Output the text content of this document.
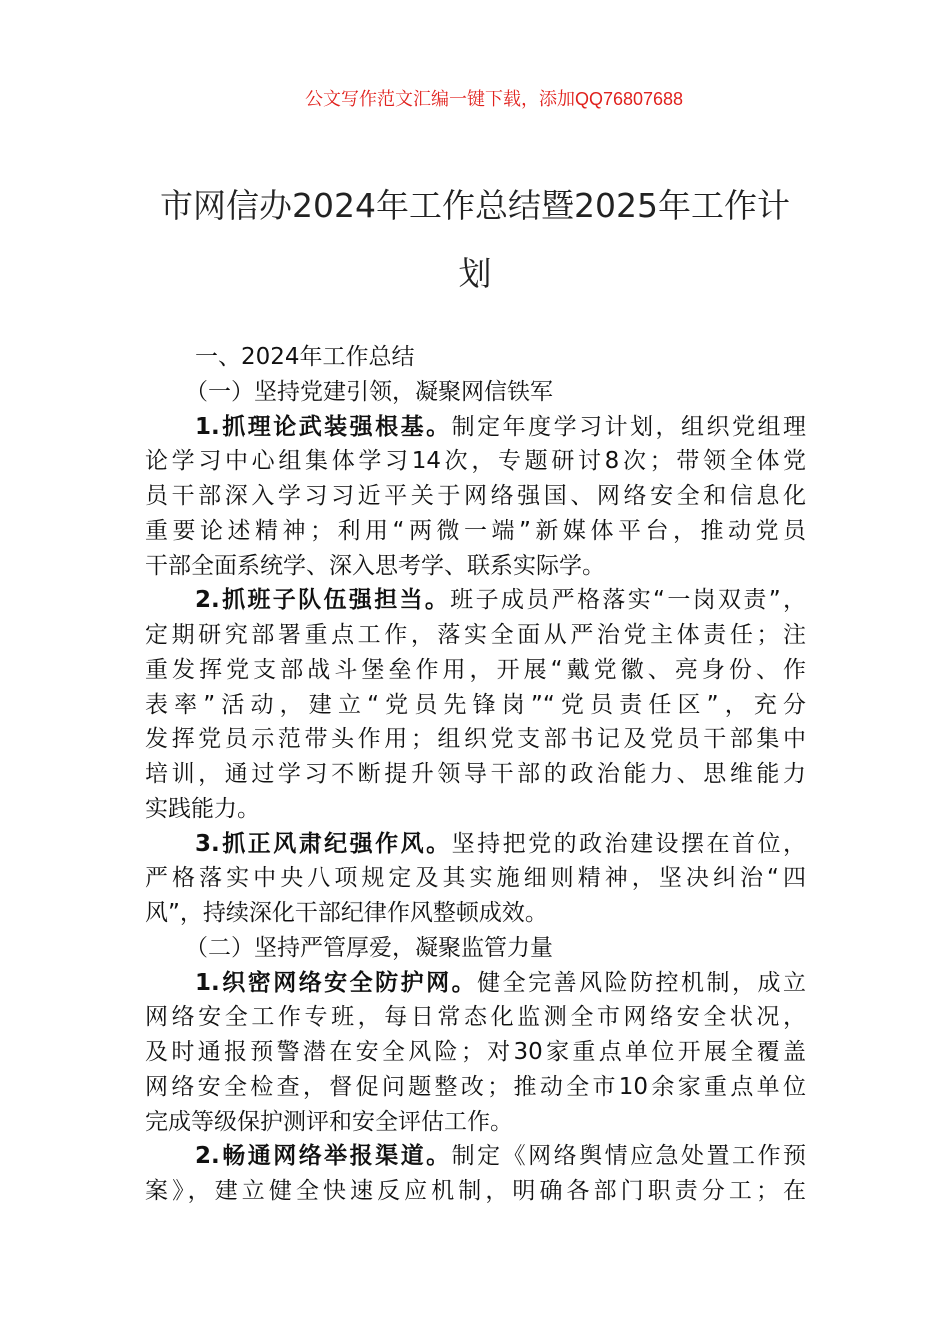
公文写作范文汇编一键下载，添加QQ76807688
市网信办2024年工作总结暨2025年工作计
划
一、2024年工作总结
（一）坚持党建引领，凝聚网信铁军
1.抓理论武装强根基。制定年度学习计划，组织党组理
论学习中心组集体学习14次，专题研讨8次；带领全体党
员干部深入学习习近平关于网络强国、网络安全和信息化
重要论述精神；利用“两微一端”新媒体平台，推动党员
干部全面系统学、深入思考学、联系实际学。
2.抓班子队伍强担当。班子成员严格落实“一岗双责”，
定期研究部署重点工作，落实全面从严治党主体责任；注
重发挥党支部战斗堡垒作用，开展“戴党徽、亮身份、作
表率”活动，建立“党员先锋岗”“党员责任区”，充分
发挥党员示范带头作用；组织党支部书记及党员干部集中
培训，通过学习不断提升领导干部的政治能力、思维能力
实践能力。
3.抓正风肃纪强作风。坚持把党的政治建设摆在首位，
严格落实中央八项规定及其实施细则精神，坚决纠治“四
风”，持续深化干部纪律作风整顿成效。
（二）坚持严管厚爱，凝聚监管力量
1.织密网络安全防护网。健全完善风险防控机制，成立
网络安全工作专班，每日常态化监测全市网络安全状况，
及时通报预警潜在安全风险；对30家重点单位开展全覆盖
网络安全检查，督促问题整改；推动全市10余家重点单位
完成等级保护测评和安全评估工作。
2.畅通网络举报渠道。制定《网络舆情应急处置工作预
案》，建立健全快速反应机制，明确各部门职责分工；在
